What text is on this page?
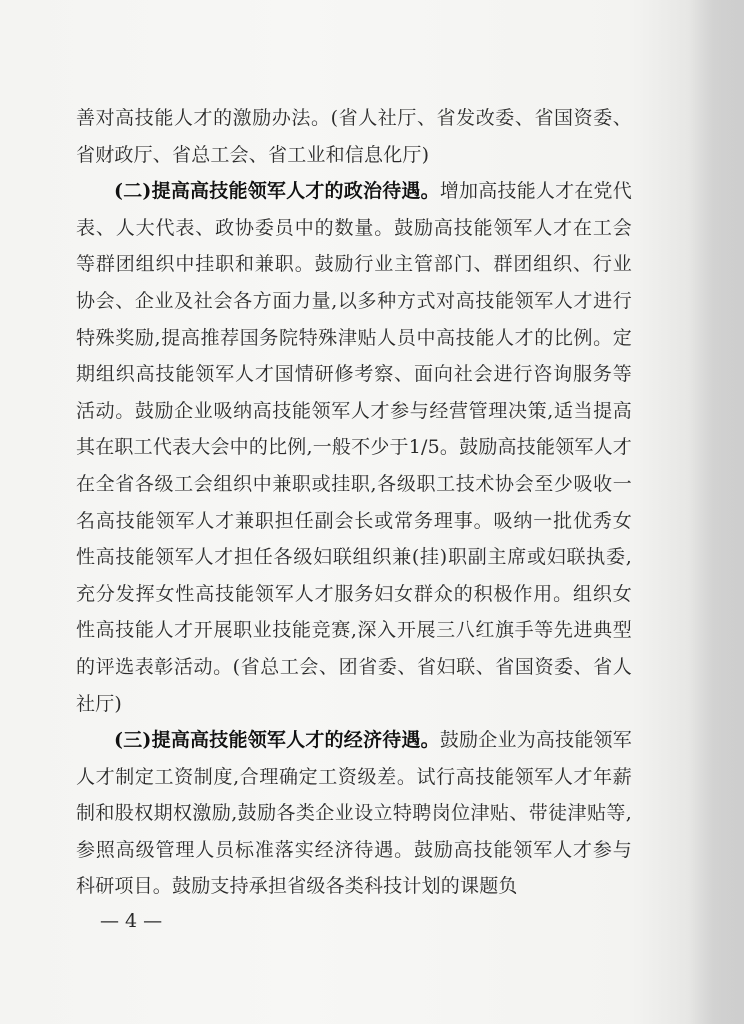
善对高技能人才的激励办法。(省人社厅、省发改委、省国资委、省财政厅、省总工会、省工业和信息化厅)

(二)提高高技能领军人才的政治待遇。增加高技能人才在党代表、人大代表、政协委员中的数量。鼓励高技能领军人才在工会等群团组织中挂职和兼职。鼓励行业主管部门、群团组织、行业协会、企业及社会各方面力量,以多种方式对高技能领军人才进行特殊奖励,提高推荐国务院特殊津贴人员中高技能人才的比例。定期组织高技能领军人才国情研修考察、面向社会进行咨询服务等活动。鼓励企业吸纳高技能领军人才参与经营管理决策,适当提高其在职工代表大会中的比例,一般不少于1/5。鼓励高技能领军人才在全省各级工会组织中兼职或挂职,各级职工技术协会至少吸收一名高技能领军人才兼职担任副会长或常务理事。吸纳一批优秀女性高技能领军人才担任各级妇联组织兼(挂)职副主席或妇联执委,充分发挥女性高技能领军人才服务妇女群众的积极作用。组织女性高技能人才开展职业技能竞赛,深入开展三八红旗手等先进典型的评选表彰活动。(省总工会、团省委、省妇联、省国资委、省人社厅)

(三)提高高技能领军人才的经济待遇。鼓励企业为高技能领军人才制定工资制度,合理确定工资级差。试行高技能领军人才年薪制和股权期权激励,鼓励各类企业设立特聘岗位津贴、带徒津贴等,参照高级管理人员标准落实经济待遇。鼓励高技能领军人才参与科研项目。鼓励支持承担省级各类科技计划的课题负

— 4 —
